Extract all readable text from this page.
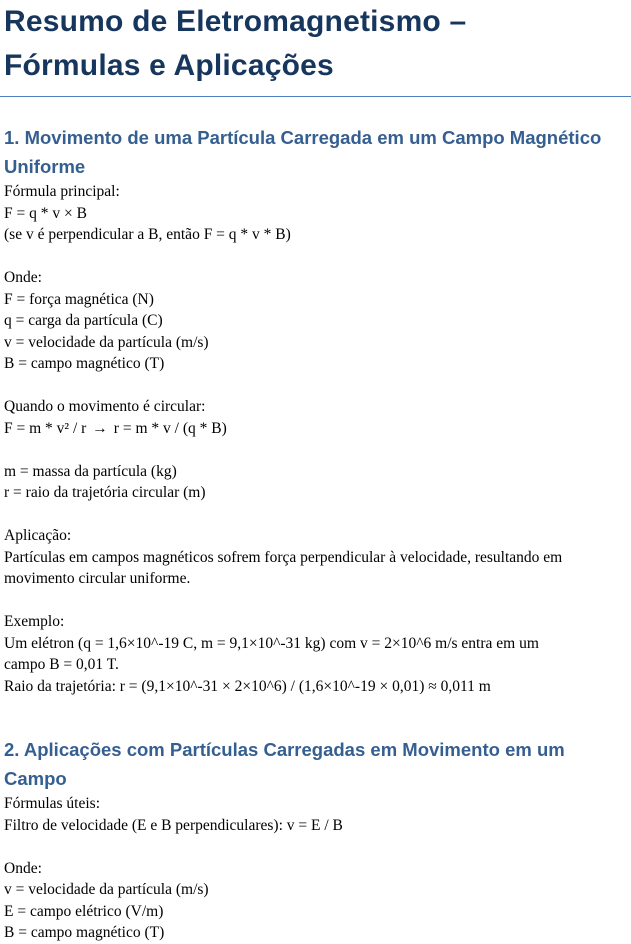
Resumo de Eletromagnetismo –
Fórmulas e Aplicações
1. Movimento de uma Partícula Carregada em um Campo Magnético
Uniforme

Fórmula principal:

F = q * v × B

(se v é perpendicular a B, então F = q * v * B)

Onde:

F = força magnética (N)

q = carga da partícula (C)

v = velocidade da partícula (m/s)

B = campo magnético (T)

Quando o movimento é circular:

F = m * v² / r → r = m * v / (q * B)

m = massa da partícula (kg)

r = raio da trajetória circular (m)

Aplicação:

Partículas em campos magnéticos sofrem força perpendicular à velocidade, resultando em

movimento circular uniforme.

Exemplo:

Um elétron (q = 1,6×10^-19 C, m = 9,1×10^-31 kg) com v = 2×10^6 m/s entra em um

campo B = 0,01 T.

Raio da trajetória: r = (9,1×10^-31 × 2×10^6) / (1,6×10^-19 × 0,01) ≈ 0,011 m

2. Aplicações com Partículas Carregadas em Movimento em um Campo

Fórmulas úteis:

Filtro de velocidade (E e B perpendiculares): v = E / B

Onde:

v = velocidade da partícula (m/s)

E = campo elétrico (V/m)

B = campo magnético (T)
